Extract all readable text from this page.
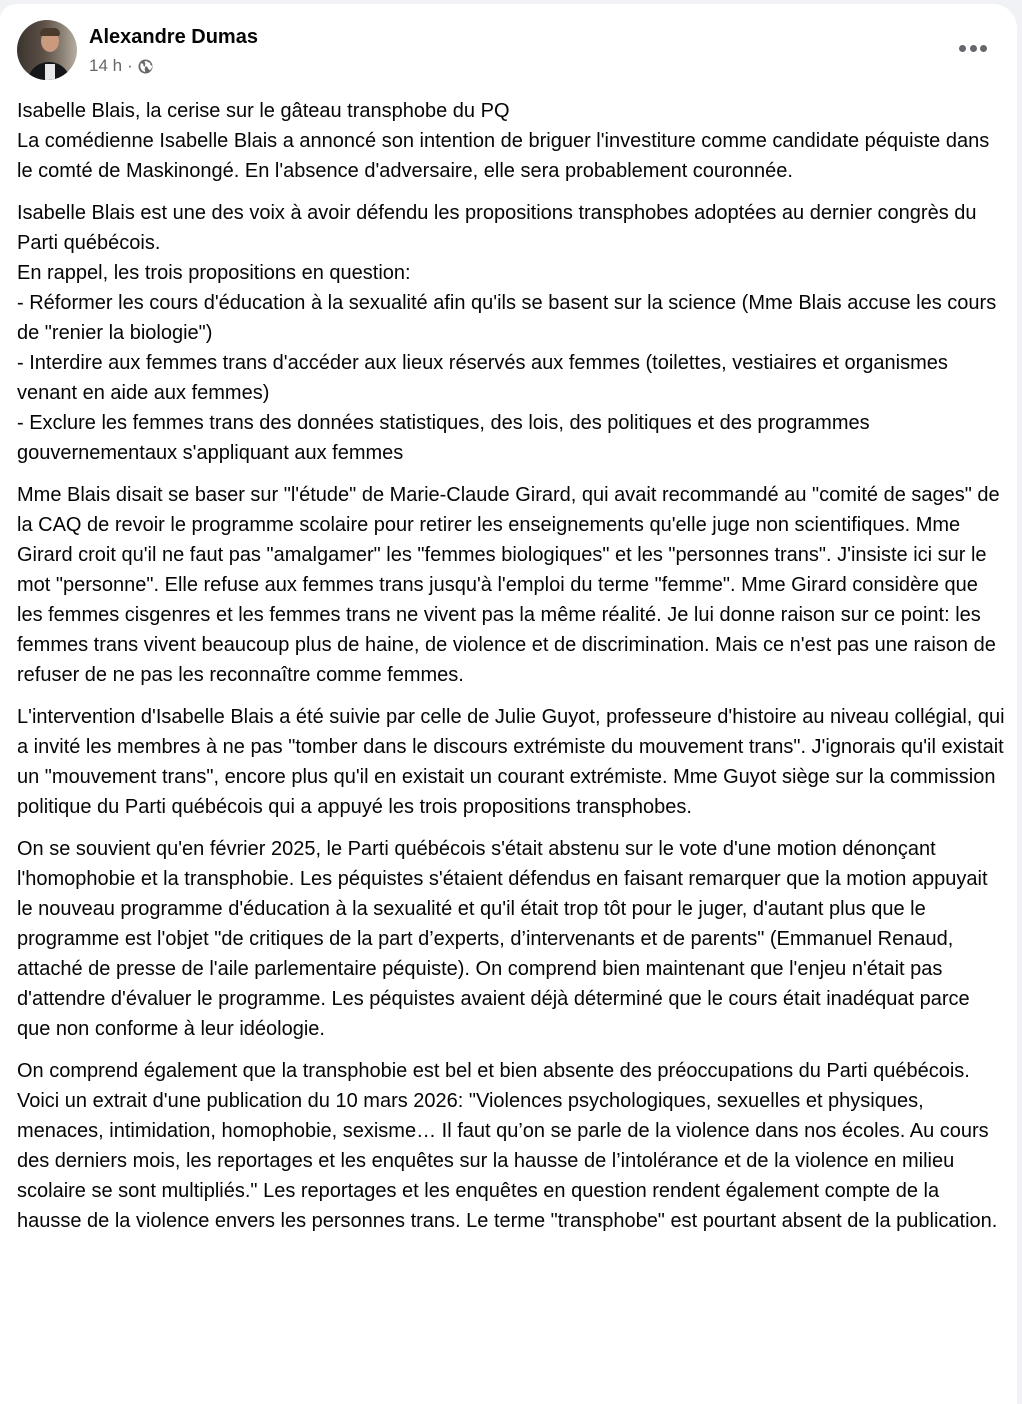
Alexandre Dumas
14 h ·

Isabelle Blais, la cerise sur le gâteau transphobe du PQ
La comédienne Isabelle Blais a annoncé son intention de briguer l'investiture comme candidate péquiste dans le comté de Maskinongé. En l'absence d'adversaire, elle sera probablement couronnée.

Isabelle Blais est une des voix à avoir défendu les propositions transphobes adoptées au dernier congrès du Parti québécois.
En rappel, les trois propositions en question:
- Réformer les cours d'éducation à la sexualité afin qu'ils se basent sur la science (Mme Blais accuse les cours de "renier la biologie")
- Interdire aux femmes trans d'accéder aux lieux réservés aux femmes (toilettes, vestiaires et organismes venant en aide aux femmes)
- Exclure les femmes trans des données statistiques, des lois, des politiques et des programmes gouvernementaux s'appliquant aux femmes

Mme Blais disait se baser sur "l'étude" de Marie-Claude Girard, qui avait recommandé au "comité de sages" de la CAQ de revoir le programme scolaire pour retirer les enseignements qu'elle juge non scientifiques. Mme Girard croit qu'il ne faut pas "amalgamer" les "femmes biologiques" et les "personnes trans". J'insiste ici sur le mot "personne". Elle refuse aux femmes trans jusqu'à l'emploi du terme "femme". Mme Girard considère que les femmes cisgenres et les femmes trans ne vivent pas la même réalité. Je lui donne raison sur ce point: les femmes trans vivent beaucoup plus de haine, de violence et de discrimination. Mais ce n'est pas une raison de refuser de ne pas les reconnaître comme femmes.

L'intervention d'Isabelle Blais a été suivie par celle de Julie Guyot, professeure d'histoire au niveau collégial, qui a invité les membres à ne pas "tomber dans le discours extrémiste du mouvement trans". J'ignorais qu'il existait un "mouvement trans", encore plus qu'il en existait un courant extrémiste. Mme Guyot siège sur la commission politique du Parti québécois qui a appuyé les trois propositions transphobes.

On se souvient qu'en février 2025, le Parti québécois s'était abstenu sur le vote d'une motion dénonçant l'homophobie et la transphobie. Les péquistes s'étaient défendus en faisant remarquer que la motion appuyait le nouveau programme d'éducation à la sexualité et qu'il était trop tôt pour le juger, d'autant plus que le programme est l'objet "de critiques de la part d’experts, d’intervenants et de parents" (Emmanuel Renaud, attaché de presse de l'aile parlementaire péquiste). On comprend bien maintenant que l'enjeu n'était pas d'attendre d'évaluer le programme. Les péquistes avaient déjà déterminé que le cours était inadéquat parce que non conforme à leur idéologie.

On comprend également que la transphobie est bel et bien absente des préoccupations du Parti québécois. Voici un extrait d'une publication du 10 mars 2026: "Violences psychologiques, sexuelles et physiques, menaces, intimidation, homophobie, sexisme… Il faut qu’on se parle de la violence dans nos écoles. Au cours des derniers mois, les reportages et les enquêtes sur la hausse de l’intolérance et de la violence en milieu scolaire se sont multipliés." Les reportages et les enquêtes en question rendent également compte de la hausse de la violence envers les personnes trans. Le terme "transphobe" est pourtant absent de la publication.
